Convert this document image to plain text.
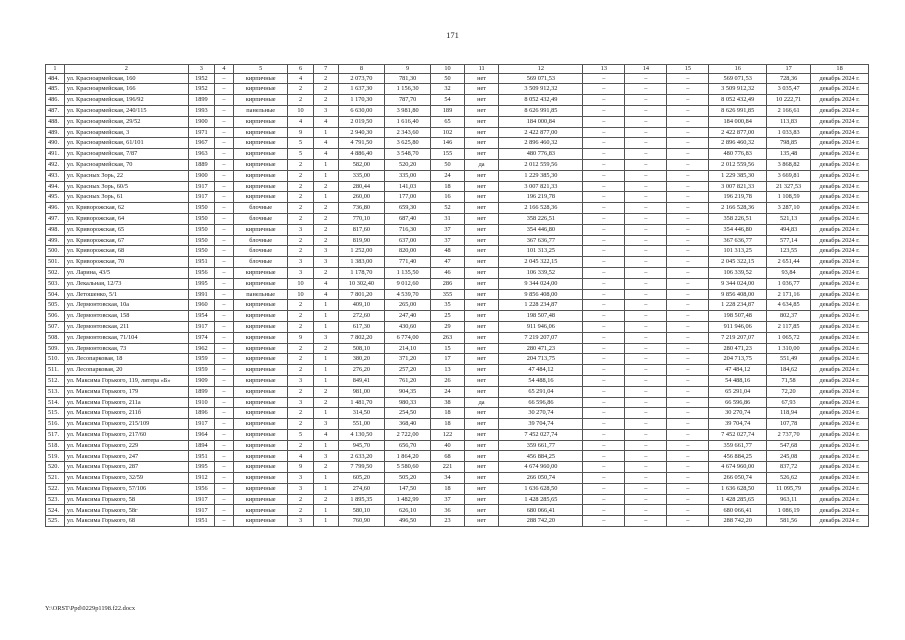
171
1	2	3	4	5	6	7	8	9	10	11	12	13	14	15	16	17	18
484.	ул. Красноармейская, 160	1952	–	кирпичные	4	2	2 073,70	781,30	50	нет	569 071,53	–	–	–	569 071,53	728,36	декабрь 2024 г.
485.	ул. Красноармейская, 166	1952	–	кирпичные	2	2	1 637,30	1 156,30	32	нет	3 509 912,32	–	–	–	3 509 912,32	3 035,47	декабрь 2024 г.
486.	ул. Красноармейская, 196/92	1899	–	кирпичные	2	2	1 170,30	787,70	54	нет	8 052 432,49	–	–	–	8 052 432,49	10 222,71	декабрь 2024 г.
487.	ул. Красноармейская, 240/115	1993	–	панельные	10	3	6 630,00	3 981,80	189	нет	8 626 991,85	–	–	–	8 626 991,85	2 166,61	декабрь 2024 г.
488.	ул. Красноармейская, 29/52	1900	–	кирпичные	4	4	2 019,50	1 616,40	65	нет	184 000,84	–	–	–	184 000,84	113,83	декабрь 2024 г.
489.	ул. Красноармейская, 3	1971	–	кирпичные	9	1	2 940,30	2 343,60	102	нет	2 422 877,00	–	–	–	2 422 877,00	1 033,83	декабрь 2024 г.
490.	ул. Красноармейская, 61/101	1967	–	кирпичные	5	4	4 791,50	3 625,80	146	нет	2 896 460,32	–	–	–	2 896 460,32	798,85	декабрь 2024 г.
491.	ул. Красноармейская, 7/87	1963	–	кирпичные	5	4	4 886,40	3 548,70	155	нет	480 776,83	–	–	–	480 776,83	135,48	декабрь 2024 г.
492.	ул. Красноармейская, 70	1889	–	кирпичные	2	1	582,00	520,20	50	да	2 012 559,56	–	–	–	2 012 559,56	3 868,82	декабрь 2024 г.
493.	ул. Красных Зорь, 22	1900	–	кирпичные	2	1	335,00	335,00	24	нет	1 229 385,30	–	–	–	1 229 385,30	3 669,81	декабрь 2024 г.
494.	ул. Красных Зорь, 60/5	1917	–	кирпичные	2	2	280,44	141,03	18	нет	3 007 821,33	–	–	–	3 007 821,33	21 327,53	декабрь 2024 г.
495.	ул. Красных Зорь, 61	1917	–	кирпичные	2	1	260,00	177,00	16	нет	196 219,78	–	–	–	196 219,78	1 108,59	декабрь 2024 г.
496.	ул. Криворожская, 62	1950	–	блочные	2	2	736,80	659,30	52	нет	2 166 528,36	–	–	–	2 166 528,36	3 287,10	декабрь 2024 г.
497.	ул. Криворожская, 64	1950	–	блочные	2	2	770,10	687,40	31	нет	358 226,51	–	–	–	358 226,51	521,13	декабрь 2024 г.
498.	ул. Криворожская, 65	1950	–	кирпичные	3	2	817,60	716,30	37	нет	354 446,80	–	–	–	354 446,80	494,83	декабрь 2024 г.
499.	ул. Криворожская, 67	1950	–	блочные	2	2	819,90	637,00	37	нет	367 636,77	–	–	–	367 636,77	577,14	декабрь 2024 г.
500.	ул. Криворожская, 68	1950	–	блочные	2	3	1 252,00	820,00	48	нет	101 313,25	–	–	–	101 313,25	123,55	декабрь 2024 г.
501.	ул. Криворожская, 70	1951	–	блочные	3	3	1 383,00	771,40	47	нет	2 045 322,15	–	–	–	2 045 322,15	2 651,44	декабрь 2024 г.
502.	ул. Ларина, 43/5	1956	–	кирпичные	3	2	1 178,70	1 135,50	46	нет	106 339,52	–	–	–	106 339,52	93,84	декабрь 2024 г.
503.	ул. Лекальная, 12/73	1995	–	кирпичные	10	4	10 302,40	9 012,60	286	нет	9 344 024,00	–	–	–	9 344 024,00	1 036,77	декабрь 2024 г.
504.	ул. Летошенко, 5/1	1991	–	панельные	10	4	7 801,20	4 539,70	355	нет	9 856 408,00	–	–	–	9 856 408,00	2 171,16	декабрь 2024 г.
505.	ул. Лермонтовская, 10а	1960	–	кирпичные	2	1	409,10	265,00	35	нет	1 228 234,87	–	–	–	1 228 234,87	4 634,85	декабрь 2024 г.
506.	ул. Лермонтовская, 158	1954	–	кирпичные	2	1	272,60	247,40	25	нет	198 507,48	–	–	–	198 507,48	802,37	декабрь 2024 г.
507.	ул. Лермонтовская, 211	1917	–	кирпичные	2	1	617,30	430,60	29	нет	911 946,06	–	–	–	911 946,06	2 117,85	декабрь 2024 г.
508.	ул. Лермонтовская, 71/104	1974	–	кирпичные	9	3	7 802,20	6 774,00	263	нет	7 219 207,07	–	–	–	7 219 207,07	1 065,72	декабрь 2024 г.
509.	ул. Лермонтовская, 73	1962	–	кирпичные	2	2	508,10	214,10	15	нет	280 471,23	–	–	–	280 471,23	1 310,00	декабрь 2024 г.
510.	ул. Лесопарковая, 18	1959	–	кирпичные	2	1	380,20	371,20	17	нет	204 713,75	–	–	–	204 713,75	551,49	декабрь 2024 г.
511.	ул. Лесопарковая, 20	1959	–	кирпичные	2	1	276,20	257,20	13	нет	47 484,12	–	–	–	47 484,12	184,62	декабрь 2024 г.
512.	ул. Максима Горького, 119, литера «Б»	1909	–	кирпичные	3	1	849,41	761,20	26	нет	54 488,16	–	–	–	54 488,16	71,58	декабрь 2024 г.
513.	ул. Максима Горького, 179	1899	–	кирпичные	2	2	981,00	904,35	24	нет	65 291,04	–	–	–	65 291,04	72,20	декабрь 2024 г.
514.	ул. Максима Горького, 211а	1910	–	кирпичные	3	2	1 481,70	980,33	38	да	66 596,86	–	–	–	66 596,86	67,93	декабрь 2024 г.
515.	ул. Максима Горького, 211б	1896	–	кирпичные	2	1	314,50	254,50	18	нет	30 270,74	–	–	–	30 270,74	118,94	декабрь 2024 г.
516.	ул. Максима Горького, 215/109	1917	–	кирпичные	2	3	551,00	368,40	18	нет	39 704,74	–	–	–	39 704,74	107,78	декабрь 2024 г.
517.	ул. Максима Горького, 217/60	1964	–	кирпичные	5	4	4 130,50	2 722,00	122	нет	7 452 027,74	–	–	–	7 452 027,74	2 737,70	декабрь 2024 г.
518.	ул. Максима Горького, 229	1894	–	кирпичные	2	1	945,70	656,70	40	нет	359 661,77	–	–	–	359 661,77	547,68	декабрь 2024 г.
519.	ул. Максима Горького, 247	1951	–	кирпичные	4	3	2 633,20	1 864,20	68	нет	456 884,25	–	–	–	456 884,25	245,08	декабрь 2024 г.
520.	ул. Максима Горького, 287	1995	–	кирпичные	9	2	7 799,50	5 580,60	221	нет	4 674 960,00	–	–	–	4 674 960,00	837,72	декабрь 2024 г.
521.	ул. Максима Горького, 32/59	1912	–	кирпичные	3	1	605,20	505,20	34	нет	266 050,74	–	–	–	266 050,74	526,62	декабрь 2024 г.
522.	ул. Максима Горького, 57/106	1956	–	кирпичные	3	1	274,60	147,50	18	нет	1 636 628,50	–	–	–	1 636 628,50	11 095,79	декабрь 2024 г.
523.	ул. Максима Горького, 58	1917	–	кирпичные	2	2	1 895,35	1 482,99	37	нет	1 428 285,65	–	–	–	1 428 285,65	963,11	декабрь 2024 г.
524.	ул. Максима Горького, 58г	1917	–	кирпичные	2	1	580,10	626,10	36	нет	680 066,41	–	–	–	680 066,41	1 086,19	декабрь 2024 г.
525.	ул. Максима Горького, 68	1951	–	кирпичные	3	1	760,90	496,50	23	нет	288 742,20	–	–	–	288 742,20	581,56	декабрь 2024 г.
Y:\ORST\Ppd\0229p1198.f22.docx
